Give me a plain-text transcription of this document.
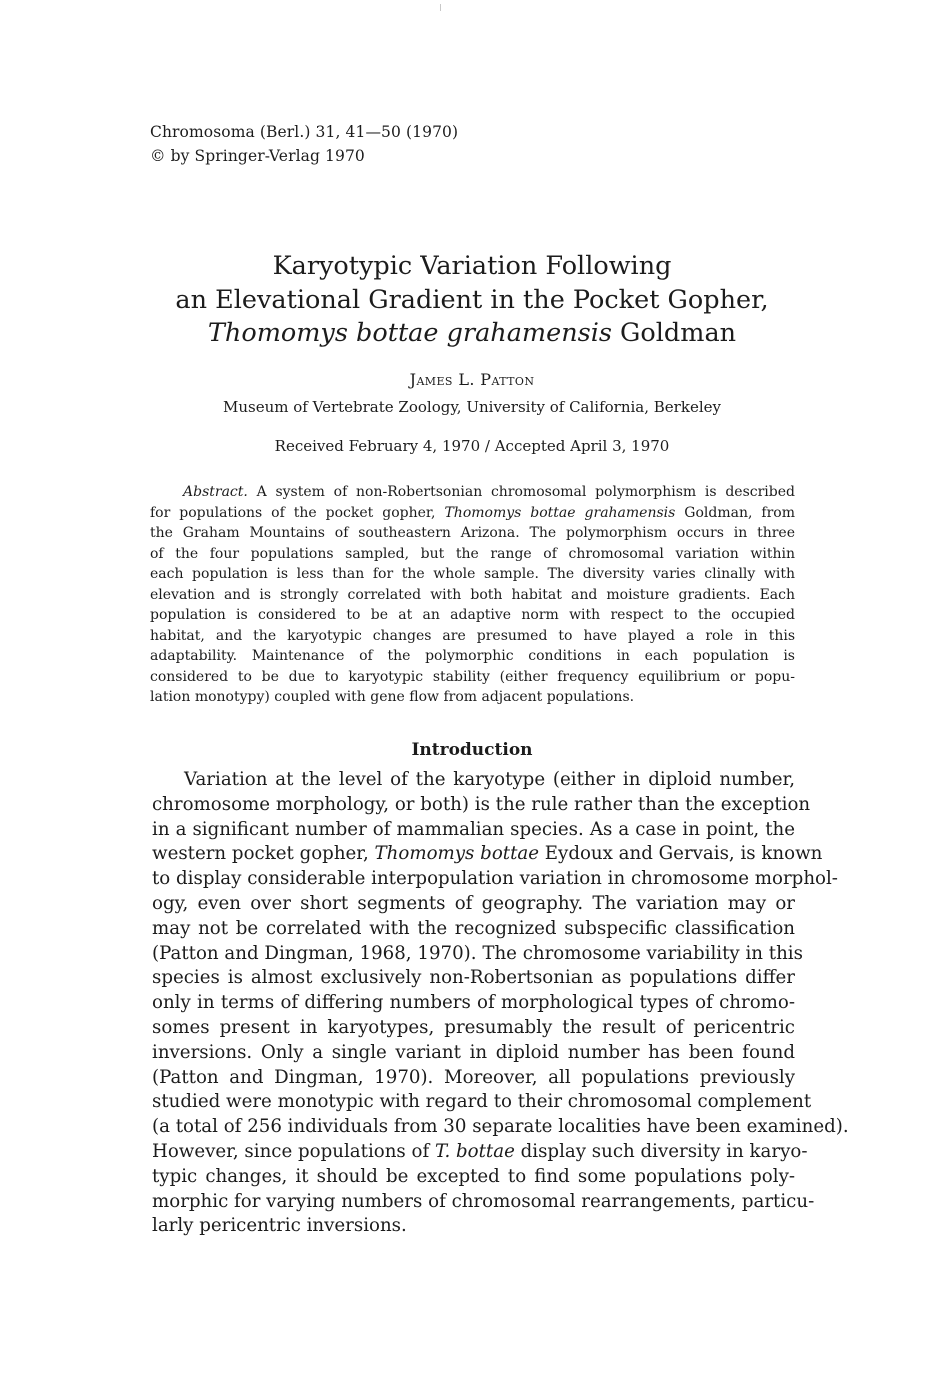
Chromosoma (Berl.) 31, 41—50 (1970)
© by Springer-Verlag 1970
Karyotypic Variation Following
an Elevational Gradient in the Pocket Gopher,
Thomomys bottae grahamensis Goldman
James L. Patton
Museum of Vertebrate Zoology, University of California, Berkeley
Received February 4, 1970 / Accepted April 3, 1970
Abstract. A system of non-Robertsonian chromosomal polymorphism is described
for populations of the pocket gopher, Thomomys bottae grahamensis Goldman, from
the Graham Mountains of southeastern Arizona. The polymorphism occurs in three
of the four populations sampled, but the range of chromosomal variation within
each population is less than for the whole sample. The diversity varies clinally with
elevation and is strongly correlated with both habitat and moisture gradients. Each
population is considered to be at an adaptive norm with respect to the occupied
habitat, and the karyotypic changes are presumed to have played a role in this
adaptability. Maintenance of the polymorphic conditions in each population is
considered to be due to karyotypic stability (either frequency equilibrium or popu-
lation monotypy) coupled with gene flow from adjacent populations.
Introduction
Variation at the level of the karyotype (either in diploid number,
chromosome morphology, or both) is the rule rather than the exception
in a significant number of mammalian species. As a case in point, the
western pocket gopher, Thomomys bottae Eydoux and Gervais, is known
to display considerable interpopulation variation in chromosome morphol-
ogy, even over short segments of geography. The variation may or
may not be correlated with the recognized subspecific classification
(Patton and Dingman, 1968, 1970). The chromosome variability in this
species is almost exclusively non-Robertsonian as populations differ
only in terms of differing numbers of morphological types of chromo-
somes present in karyotypes, presumably the result of pericentric
inversions. Only a single variant in diploid number has been found
(Patton and Dingman, 1970). Moreover, all populations previously
studied were monotypic with regard to their chromosomal complement
(a total of 256 individuals from 30 separate localities have been examined).
However, since populations of T. bottae display such diversity in karyo-
typic changes, it should be excepted to find some populations poly-
morphic for varying numbers of chromosomal rearrangements, particu-
larly pericentric inversions.
